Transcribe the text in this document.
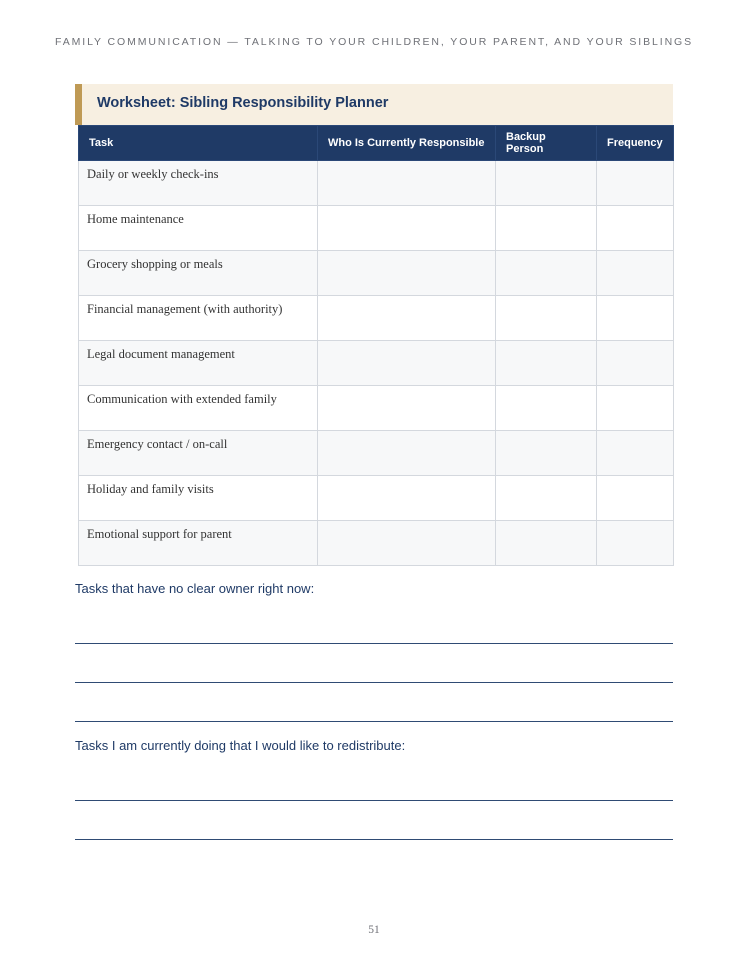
FAMILY COMMUNICATION — TALKING TO YOUR CHILDREN, YOUR PARENT, AND YOUR SIBLINGS
Worksheet: Sibling Responsibility Planner
Task	Who Is Currently Responsible	Backup Person	Frequency

Daily or weekly check-ins			

Home maintenance			

Grocery shopping or meals			

Financial management (with authority)			

Legal document management			

Communication with extended family			

Emergency contact / on-call			

Holiday and family visits			

Emotional support for parent			

Tasks that have no clear owner right now:
Tasks I am currently doing that I would like to redistribute:
51
